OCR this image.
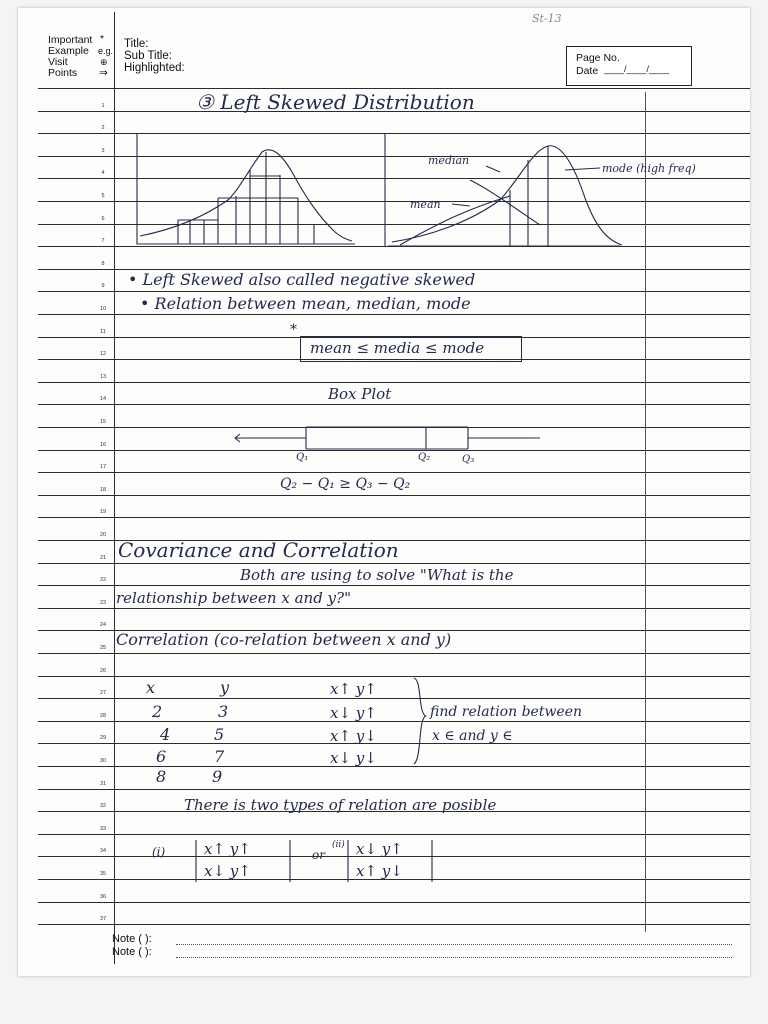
St-13
Important *
Example e.g.
Visit	⊕
Points ⇒
Title:
Sub Title:
Highlighted:
Page No.
Date ____/____/____
1
2
3
4
5
6
7
8
9
10
11
12
13
14
15
16
17
18
19
20
21
22
23
24
25
26
27
28
29
30
31
32
33
34
35
36
37
③ Left Skewed Distribution
median
mode (high freq)
mean
• Left Skewed also called negative skewed
• Relation between mean, median, mode
*
mean ≤ media ≤ mode
Box Plot
Q₁	Q₂	Q₃
Q₂ − Q₁ ≥ Q₃ − Q₂
Covariance and Correlation
Both are using to solve "What is the
relationship between x and y?"
Correlation (co-relation between x and y)
x	y
2	3
4	5
6	7
8	9
x↑ y↑
x↓ y↑
x↑ y↓
x↓ y↓
find relation between
x ∈ and y ∈
There is two types of relation are posible
(i)	x↑ y↑
x↓ y↑
or
(ii) x↓ y↑
x↑ y↓
Note ( ):
Note ( ):
